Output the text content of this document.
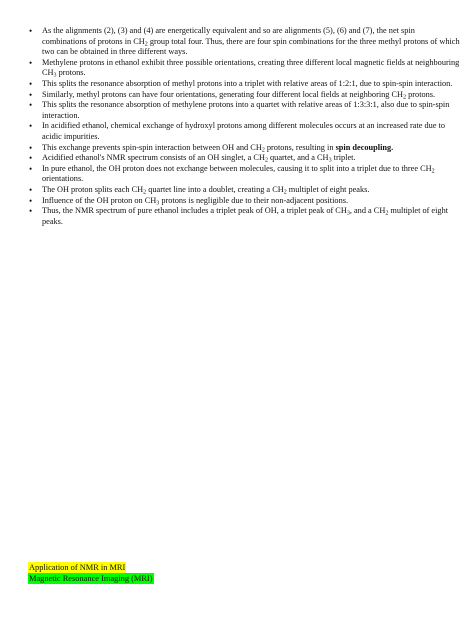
• As the alignments (2), (3) and (4) are energetically equivalent and so are alignments (5), (6) and (7), the net spin combinations of protons in $CH_2$ group total four. Thus, there are four spin combinations for the three methyl protons of which two can be obtained in three different ways.
• Methylene protons in ethanol exhibit three possible orientations, creating three different local magnetic fields at neighbouring $CH_3$ protons.
• This splits the resonance absorption of methyl protons into a triplet with relative areas of 1:2:1, due to spin-spin interaction.
• Similarly, methyl protons can have four orientations, generating four different local fields at neighboring $CH_2$ protons.
• This splits the resonance absorption of methylene protons into a quartet with relative areas of 1:3:3:1, also due to spin-spin interaction.
• In acidified ethanol, chemical exchange of hydroxyl protons among different molecules occurs at an increased rate due to acidic impurities.
• This exchange prevents spin-spin interaction between OH and $CH_2$ protons, resulting in spin decoupling.
• Acidified ethanol's NMR spectrum consists of an OH singlet, a $CH_2$ quartet, and a $CH_3$ triplet.
• In pure ethanol, the OH proton does not exchange between molecules, causing it to split into a triplet due to three $CH_2$ orientations.
• The OH proton splits each $CH_2$ quartet line into a doublet, creating a $CH_2$ multiplet of eight peaks.
• Influence of the OH proton on $CH_3$ protons is negligible due to their non-adjacent positions.
• Thus, the NMR spectrum of pure ethanol includes a triplet peak of OH, a triplet peak of $CH_3$, and a $CH_2$ multiplet of eight peaks.
Application of NMR in MRI
Magnetic Resonance Imaging (MRI)
